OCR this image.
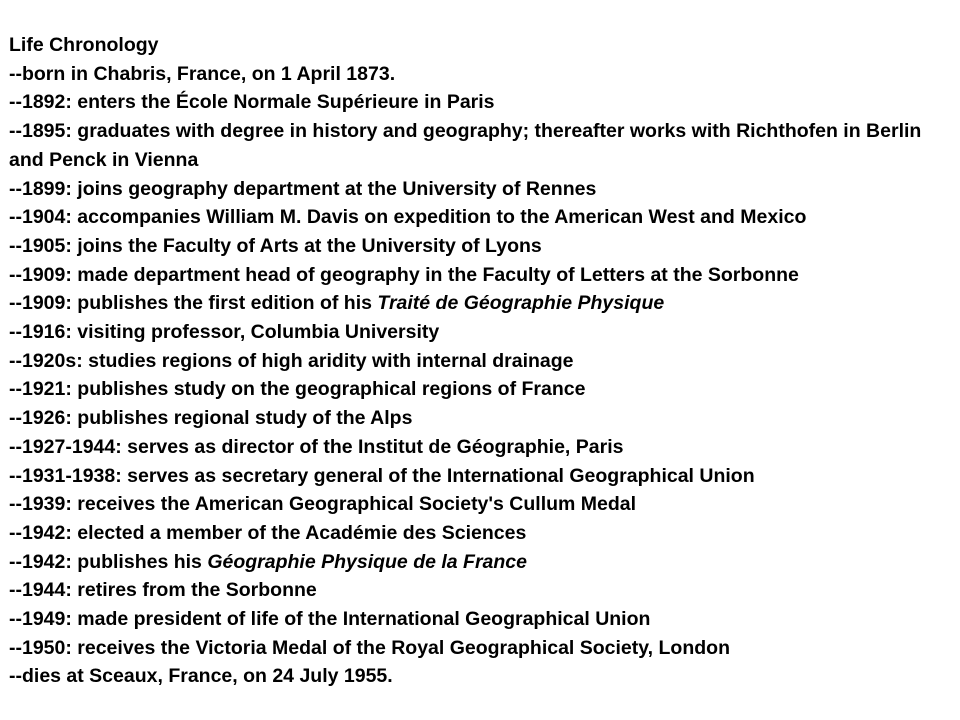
Life Chronology

--born in Chabris, France, on 1 April 1873.

--1892: enters the École Normale Supérieure in Paris

--1895: graduates with degree in history and geography; thereafter works with Richthofen in Berlin and Penck in Vienna

--1899: joins geography department at the University of Rennes

--1904: accompanies William M. Davis on expedition to the American West and Mexico

--1905: joins the Faculty of Arts at the University of Lyons

--1909: made department head of geography in the Faculty of Letters at the Sorbonne

--1909: publishes the first edition of his Traité de Géographie Physique

--1916: visiting professor, Columbia University

--1920s: studies regions of high aridity with internal drainage

--1921: publishes study on the geographical regions of France

--1926: publishes regional study of the Alps

--1927-1944: serves as director of the Institut de Géographie, Paris

--1931-1938: serves as secretary general of the International Geographical Union

--1939: receives the American Geographical Society's Cullum Medal

--1942: elected a member of the Académie des Sciences

--1942: publishes his Géographie Physique de la France

--1944: retires from the Sorbonne

--1949: made president of life of the International Geographical Union

--1950: receives the Victoria Medal of the Royal Geographical Society, London

--dies at Sceaux, France, on 24 July 1955.
